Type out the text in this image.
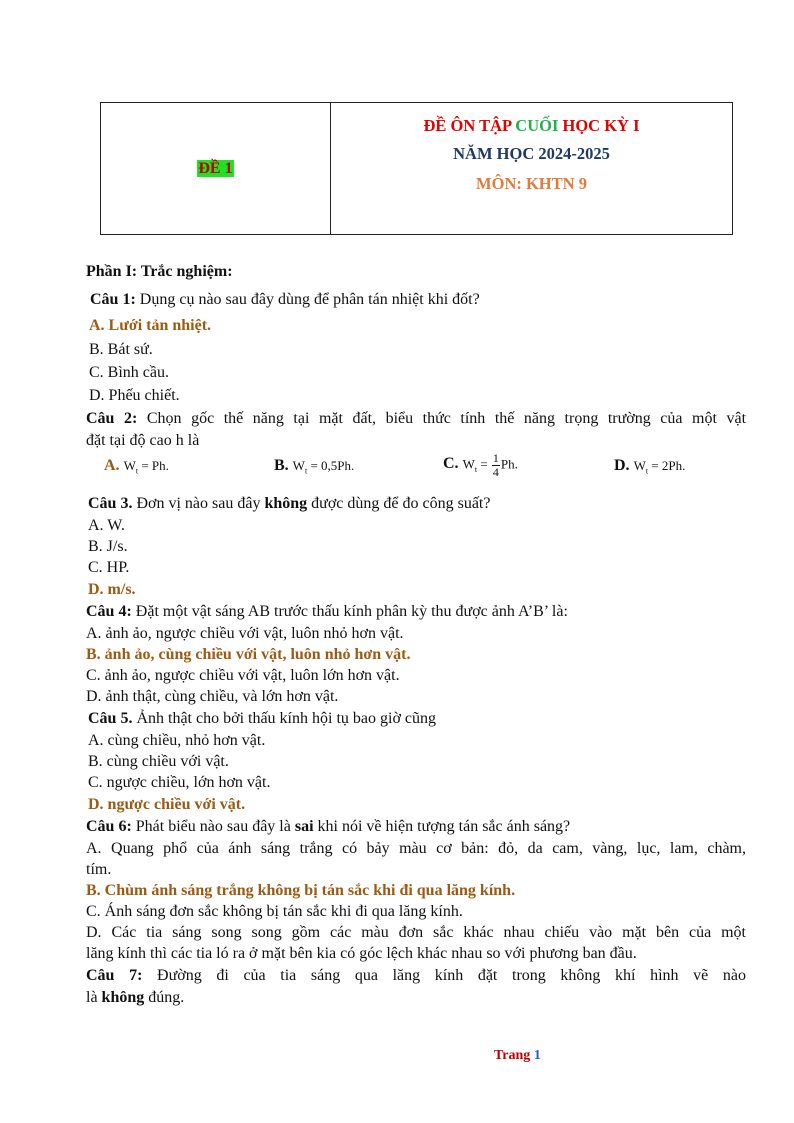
ĐỀ 1
ĐỀ ÔN TẬP CUỐI HỌC KỲ I
NĂM HỌC 2024-2025
MÔN: KHTN 9
Phần I: Trắc nghiệm:
Câu 1: Dụng cụ nào sau đây dùng để phân tán nhiệt khi đốt?
A. Lưới tản nhiệt.
B. Bát sứ.
C. Bình cầu.
D. Phếu chiết.
Câu 2: Chọn gốc thế năng tại mặt đất, biểu thức tính thế năng trọng trường của một vật
đặt tại độ cao h là
A. $W_t = Ph$.	B. $W_t = 0,5Ph$.	C. $W_t = \frac{1}{4} Ph$.	D. $W_t = 2Ph$.
Câu 3. Đơn vị nào sau đây không được dùng để đo công suất?
A. W.
B. J/s.
C. HP.
D. m/s.
Câu 4: Đặt một vật sáng AB trước thấu kính phân kỳ thu được ảnh A’B’ là:
A. ảnh ảo, ngược chiều với vật, luôn nhỏ hơn vật.
B. ảnh ảo, cùng chiều với vật, luôn nhỏ hơn vật.
C. ảnh ảo, ngược chiều với vật, luôn lớn hơn vật.
D. ảnh thật, cùng chiều, và lớn hơn vật.
Câu 5. Ảnh thật cho bởi thấu kính hội tụ bao giờ cũng
A. cùng chiều, nhỏ hơn vật.
B. cùng chiều với vật.
C. ngược chiều, lớn hơn vật.
D. ngược chiều với vật.
Câu 6: Phát biểu nào sau đây là sai khi nói về hiện tượng tán sắc ánh sáng?
A. Quang phổ của ánh sáng trắng có bảy màu cơ bản: đỏ, da cam, vàng, lục, lam, chàm,
tím.
B. Chùm ánh sáng trắng không bị tán sắc khi đi qua lăng kính.
C. Ánh sáng đơn sắc không bị tán sắc khi đi qua lăng kính.
D. Các tia sáng song song gồm các màu đơn sắc khác nhau chiếu vào mặt bên của một
lăng kính thì các tia ló ra ở mặt bên kia có góc lệch khác nhau so với phương ban đầu.
Câu 7: Đường đi của tia sáng qua lăng kính đặt trong không khí hình vẽ nào
là không đúng.
Trang 1
